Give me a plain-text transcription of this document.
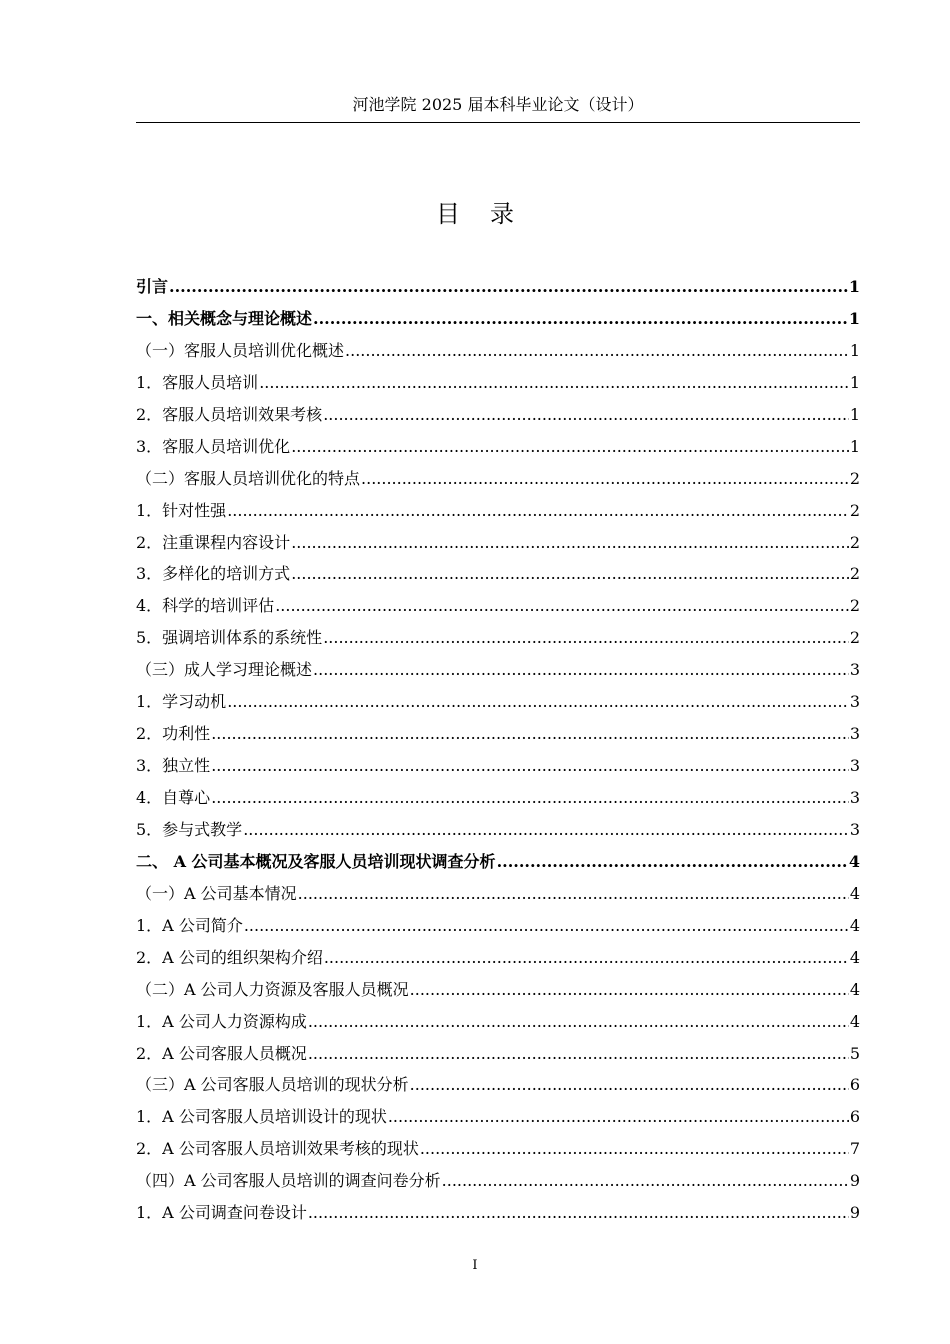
河池学院 2025 届本科毕业论文（设计）
目录
引言 .....	1
一、相关概念与理论概述 .....	1
（一）客服人员培训优化概述 .....	1
1．客服人员培训 .....	1
2．客服人员培训效果考核 .....	1
3．客服人员培训优化 .....	1
（二）客服人员培训优化的特点 .....	2
1．针对性强 .....	2
2．注重课程内容设计 .....	2
3．多样化的培训方式 .....	2
4．科学的培训评估 .....	2
5．强调培训体系的系统性 .....	2
（三）成人学习理论概述 .....	3
1．学习动机 .....	3
2．功利性 .....	3
3．独立性 .....	3
4．自尊心 .....	3
5．参与式教学 .....	3
二、 A 公司基本概况及客服人员培训现状调查分析 .....	4
（一）A 公司基本情况 .....	4
1．A 公司简介 .....	4
2．A 公司的组织架构介绍 .....	4
（二）A 公司人力资源及客服人员概况 .....	4
1．A 公司人力资源构成 .....	4
2．A 公司客服人员概况 .....	5
（三）A 公司客服人员培训的现状分析 .....	6
1．A 公司客服人员培训设计的现状 .....	6
2．A 公司客服人员培训效果考核的现状 .....	7
（四）A 公司客服人员培训的调查问卷分析 .....	9
1．A 公司调查问卷设计 .....	9
I
